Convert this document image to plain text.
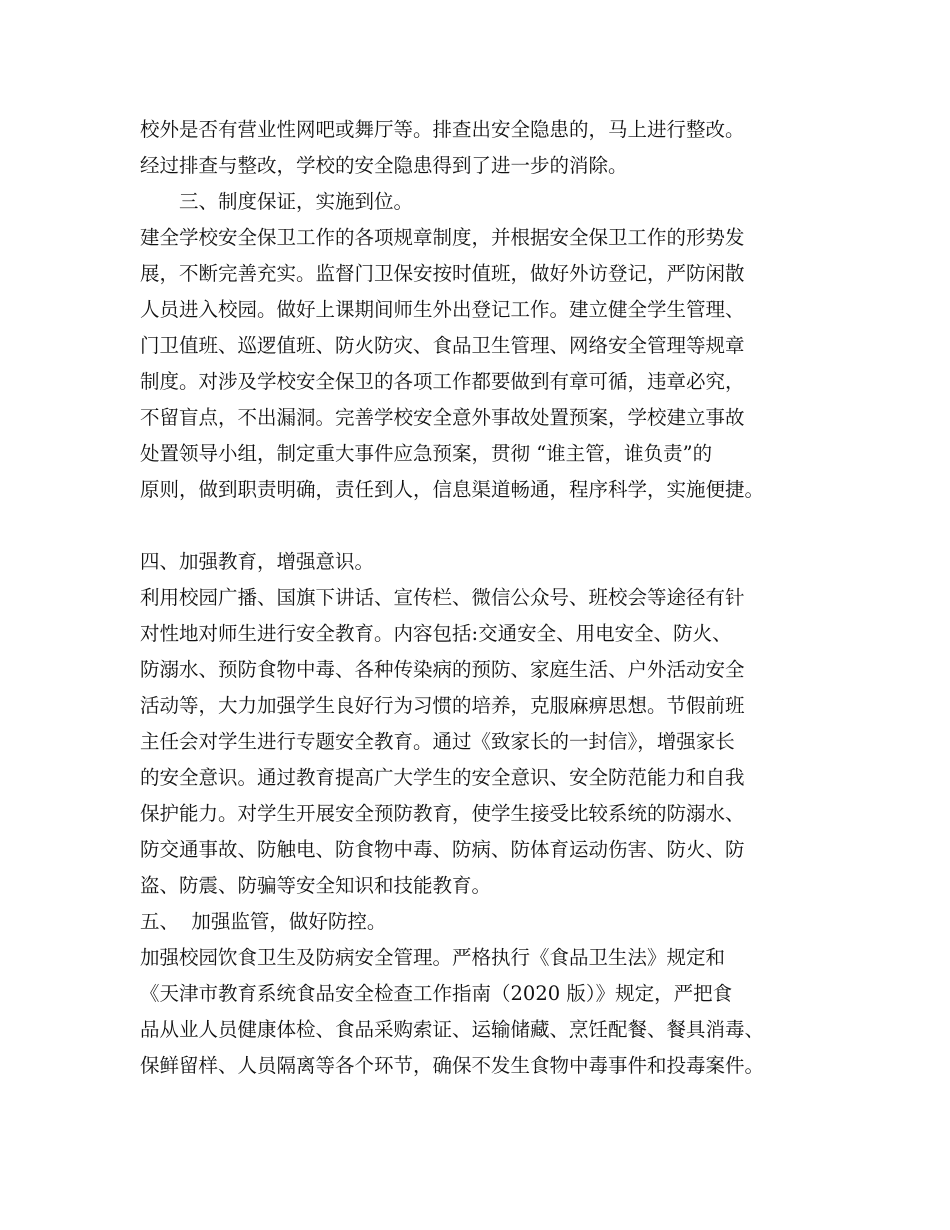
校外是否有营业性网吧或舞厅等。排查出安全隐患的，马上进行整改。
经过排查与整改，学校的安全隐患得到了进一步的消除。
三、制度保证，实施到位。
建全学校安全保卫工作的各项规章制度，并根据安全保卫工作的形势发
展，不断完善充实。监督门卫保安按时值班，做好外访登记，严防闲散
人员进入校园。做好上课期间师生外出登记工作。建立健全学生管理、
门卫值班、巡逻值班、防火防灾、食品卫生管理、网络安全管理等规章
制度。对涉及学校安全保卫的各项工作都要做到有章可循，违章必究，
不留盲点，不出漏洞。完善学校安全意外事故处置预案，学校建立事故
处置领导小组，制定重大事件应急预案，贯彻 “谁主管，谁负责”的
原则，做到职责明确，责任到人，信息渠道畅通，程序科学，实施便捷。
四、加强教育，增强意识。
利用校园广播、国旗下讲话、宣传栏、微信公众号、班校会等途径有针
对性地对师生进行安全教育。内容包括:交通安全、用电安全、防火、
防溺水、预防食物中毒、各种传染病的预防、家庭生活、户外活动安全
活动等，大力加强学生良好行为习惯的培养，克服麻痹思想。节假前班
主任会对学生进行专题安全教育。通过《致家长的一封信》，增强家长
的安全意识。通过教育提高广大学生的安全意识、安全防范能力和自我
保护能力。对学生开展安全预防教育，使学生接受比较系统的防溺水、
防交通事故、防触电、防食物中毒、防病、防体育运动伤害、防火、防
盗、防震、防骗等安全知识和技能教育。
五、  加强监管，做好防控。
加强校园饮食卫生及防病安全管理。严格执行《食品卫生法》规定和
《天津市教育系统食品安全检查工作指南（2020 版）》规定，严把食
品从业人员健康体检、食品采购索证、运输储藏、烹饪配餐、餐具消毒、
保鲜留样、人员隔离等各个环节，确保不发生食物中毒事件和投毒案件。
